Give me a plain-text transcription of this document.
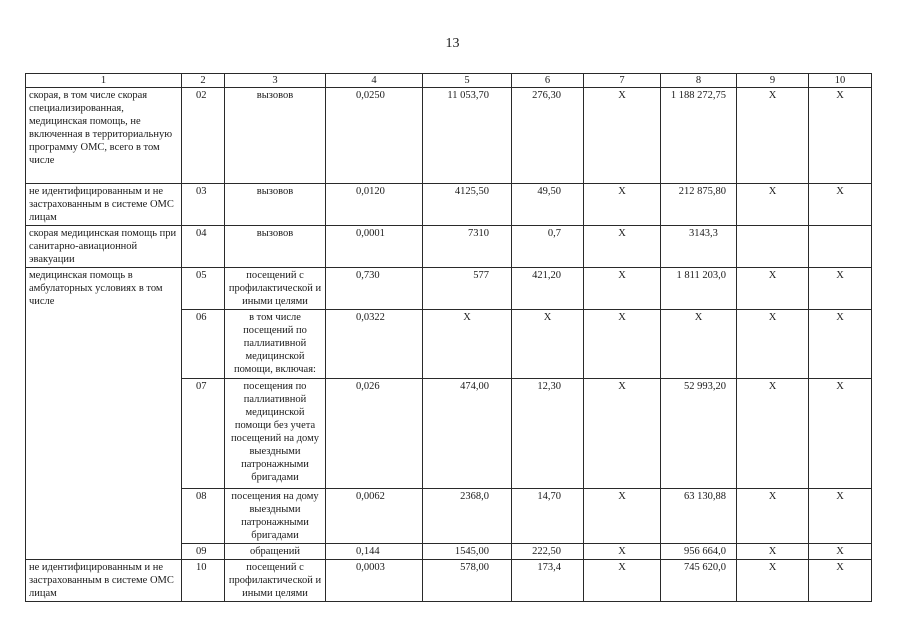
13
1	2	3	4	5	6	7	8	9	10
скорая, в том числе скорая специализированная, медицинская помощь, не включенная в территориальную программу ОМС, всего в том числе	02	вызовов	0,0250	11 053,70	276,30	X	1 188 272,75	X	X
не идентифицированным и не застрахованным в системе ОМС лицам	03	вызовов	0,0120	4125,50	49,50	X	212 875,80	X	X
скорая медицинская помощь при санитарно-авиационной эвакуации	04	вызовов	0,0001	7310	0,7	X	3143,3		
медицинская помощь в амбулаторных условиях в том числе	05	посещений с профилактической и иными целями	0,730	577	421,20	X	1 811 203,0	X	X
	06	в том числе посещений по паллиативной медицинской помощи, включая:	0,0322	X	X	X	X	X	X
	07	посещения по паллиативной медицинской помощи без учета посещений на дому выездными патронажными бригадами	0,026	474,00	12,30	X	52 993,20	X	X
	08	посещения на дому выездными патронажными бригадами	0,0062	2368,0	14,70	X	63 130,88	X	X
	09	обращений	0,144	1545,00	222,50	X	956 664,0	X	X
не идентифицированным и не застрахованным в системе ОМС лицам	10	посещений с профилактической и иными целями	0,0003	578,00	173,4	X	745 620,0	X	X
